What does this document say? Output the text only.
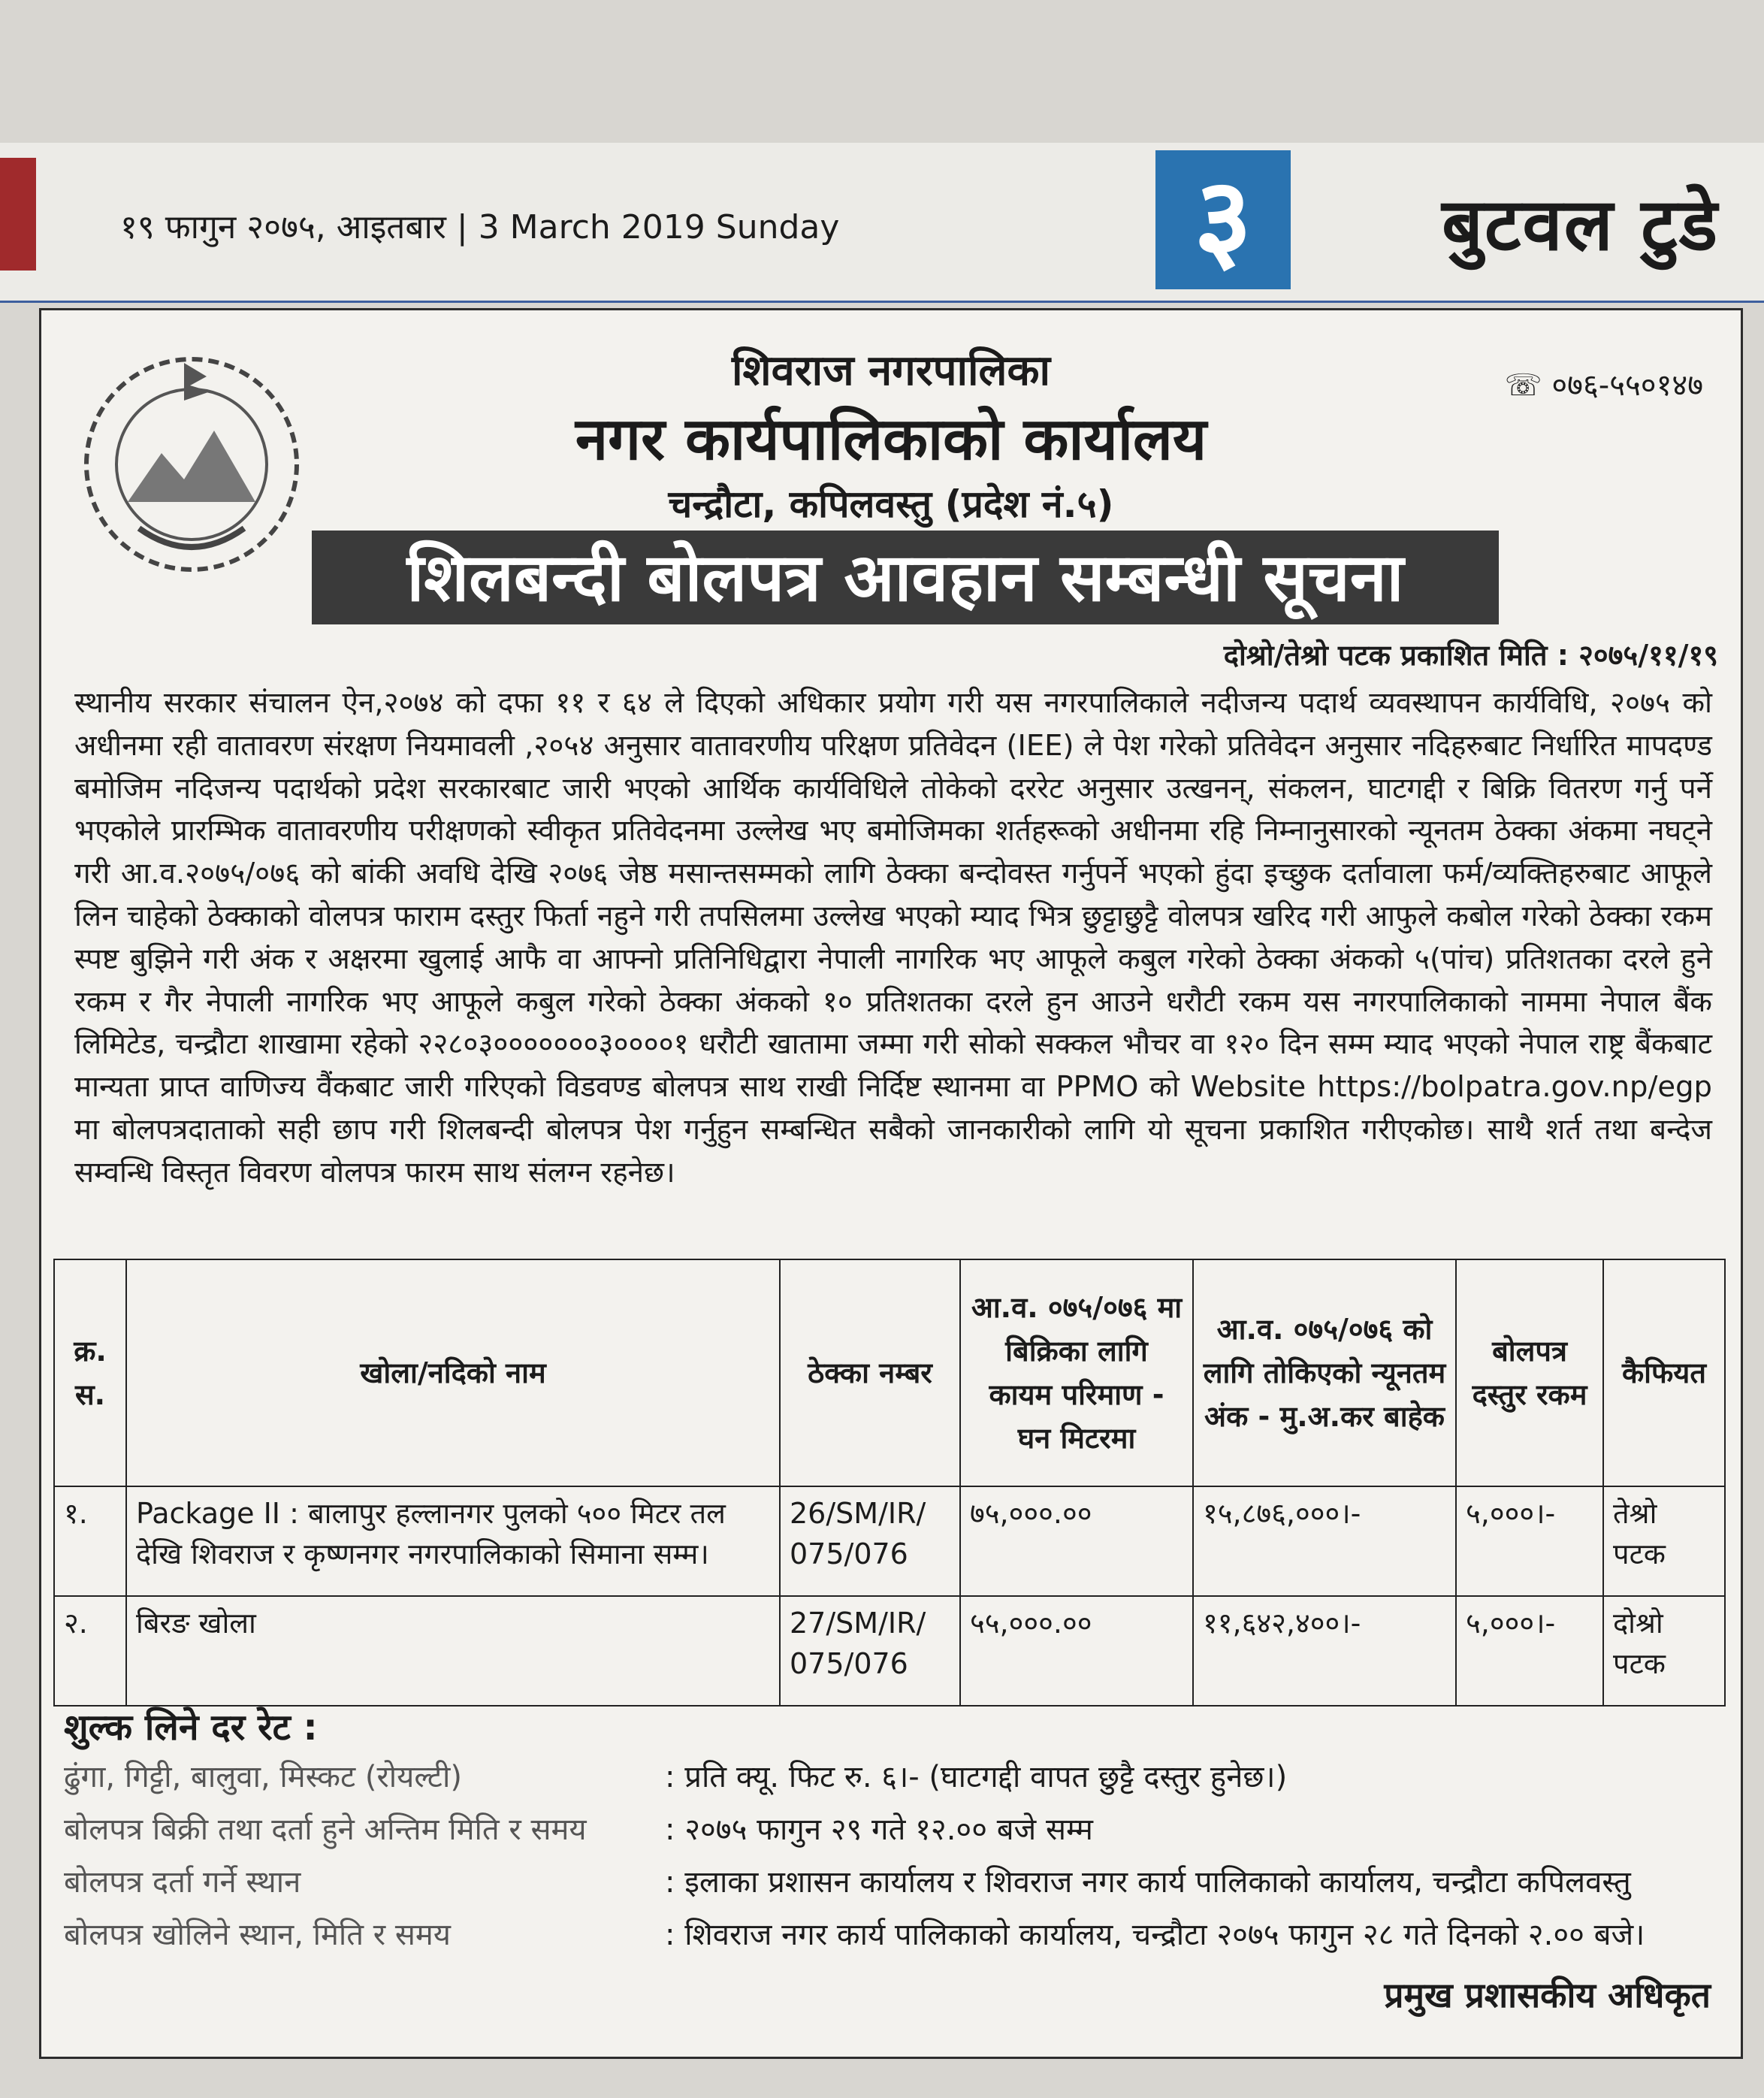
१९ फागुन २०७५, आइतबार | 3 March 2019 Sunday	३	बुटवल टुडे
शिवराज नगरपालिका	☏ ०७६-५५०१४७
नगर कार्यपालिकाको कार्यालय
चन्द्रौटा, कपिलवस्तु (प्रदेश नं.५)
शिलबन्दी बोलपत्र आवहान सम्बन्धी सूचना
दोश्रो/तेश्रो पटक प्रकाशित मिति : २०७५/११/१९
स्थानीय सरकार संचालन ऐन,२०७४ को दफा ११ र ६४ ले दिएको अधिकार प्रयोग गरी यस नगरपालिकाले नदीजन्य पदार्थ व्यवस्थापन कार्यविधि, २०७५ को अधीनमा रही वातावरण संरक्षण नियमावली ,२०५४ अनुसार वातावरणीय परिक्षण प्रतिवेदन (IEE) ले पेश गरेको प्रतिवेदन अनुसार नदिहरुबाट निर्धारित मापदण्ड बमोजिम नदिजन्य पदार्थको प्रदेश सरकारबाट जारी भएको आर्थिक कार्यविधिले तोकेको दररेट अनुसार उत्खनन्, संकलन, घाटगद्दी र बिक्रि वितरण गर्नु पर्ने भएकोले प्रारम्भिक वातावरणीय परीक्षणको स्वीकृत प्रतिवेदनमा उल्लेख भए बमोजिमका शर्तहरूको अधीनमा रहि निम्नानुसारको न्यूनतम ठेक्का अंकमा नघट्ने गरी आ.व.२०७५/०७६ को बांकी अवधि देखि २०७६ जेष्ठ मसान्तसम्मको लागि ठेक्का बन्दोवस्त गर्नुपर्ने भएको हुंदा इच्छुक दर्तावाला फर्म/व्यक्तिहरुबाट आफूले लिन चाहेको ठेक्काको वोलपत्र फाराम दस्तुर फिर्ता नहुने गरी तपसिलमा उल्लेख भएको म्याद भित्र छुट्टाछुट्टै वोलपत्र खरिद गरी आफुले कबोल गरेको ठेक्का रकम स्पष्ट बुझिने गरी अंक र अक्षरमा खुलाई आफै वा आफ्नो प्रतिनिधिद्वारा नेपाली नागरिक भए आफूले कबुल गरेको ठेक्का अंकको ५(पांच) प्रतिशतका दरले हुने रकम र गैर नेपाली नागरिक भए आफूले कबुल गरेको ठेक्का अंकको १० प्रतिशतका दरले हुन आउने धरौटी रकम यस नगरपालिकाको नाममा नेपाल बैंक लिमिटेड, चन्द्रौटा शाखामा रहेको २२८०३०००००००३००००१ धरौटी खातामा जम्मा गरी सोको सक्कल भौचर वा १२० दिन सम्म म्याद भएको नेपाल राष्ट्र बैंकबाट मान्यता प्राप्त वाणिज्य वैंकबाट जारी गरिएको विडवण्ड बोलपत्र साथ राखी निर्दिष्ट स्थानमा वा PPMO को Website https://bolpatra.gov.np/egp मा बोलपत्रदाताको सही छाप गरी शिलबन्दी बोलपत्र पेश गर्नुहुन सम्बन्धित सबैको जानकारीको लागि यो सूचना प्रकाशित गरीएकोछ। साथै शर्त तथा बन्देज सम्वन्धि विस्तृत विवरण वोलपत्र फारम साथ संलग्न रहनेछ।
क्र. स.	खोला/नदिको नाम	ठेक्का नम्बर	आ.व. ०७५/०७६ मा बिक्रिका लागि कायम परिमाण - घन मिटरमा	आ.व. ०७५/०७६ को लागि तोकिएको न्यूनतम अंक - मु.अ.कर बाहेक	बोलपत्र दस्तुर रकम	कैफियत
१.	Package II : बालापुर हल्लानगर पुलको ५०० मिटर तल देखि शिवराज र कृष्णनगर नगरपालिकाको सिमाना सम्म।	26/SM/IR/ 075/076	७५,०००.००	१५,८७६,०००।-	५,०००।-	तेश्रो पटक
२.	बिरङ खोला	27/SM/IR/ 075/076	५५,०००.००	११,६४२,४००।-	५,०००।-	दोश्रो पटक
शुल्क लिने दर रेट :
ढुंगा, गिट्टी, बालुवा, मिस्कट (रोयल्टी)	: प्रति क्यू. फिट रु. ६।- (घाटगद्दी वापत छुट्टै दस्तुर हुनेछ।)
बोलपत्र बिक्री तथा दर्ता हुने अन्तिम मिति र समय	: २०७५ फागुन २९ गते १२.०० बजे सम्म
बोलपत्र दर्ता गर्ने स्थान	: इलाका प्रशासन कार्यालय र शिवराज नगर कार्य पालिकाको कार्यालय, चन्द्रौटा कपिलवस्तु
बोलपत्र खोलिने स्थान, मिति र समय	: शिवराज नगर कार्य पालिकाको कार्यालय, चन्द्रौटा २०७५ फागुन २८ गते दिनको २.०० बजे।
प्रमुख प्रशासकीय अधिकृत
